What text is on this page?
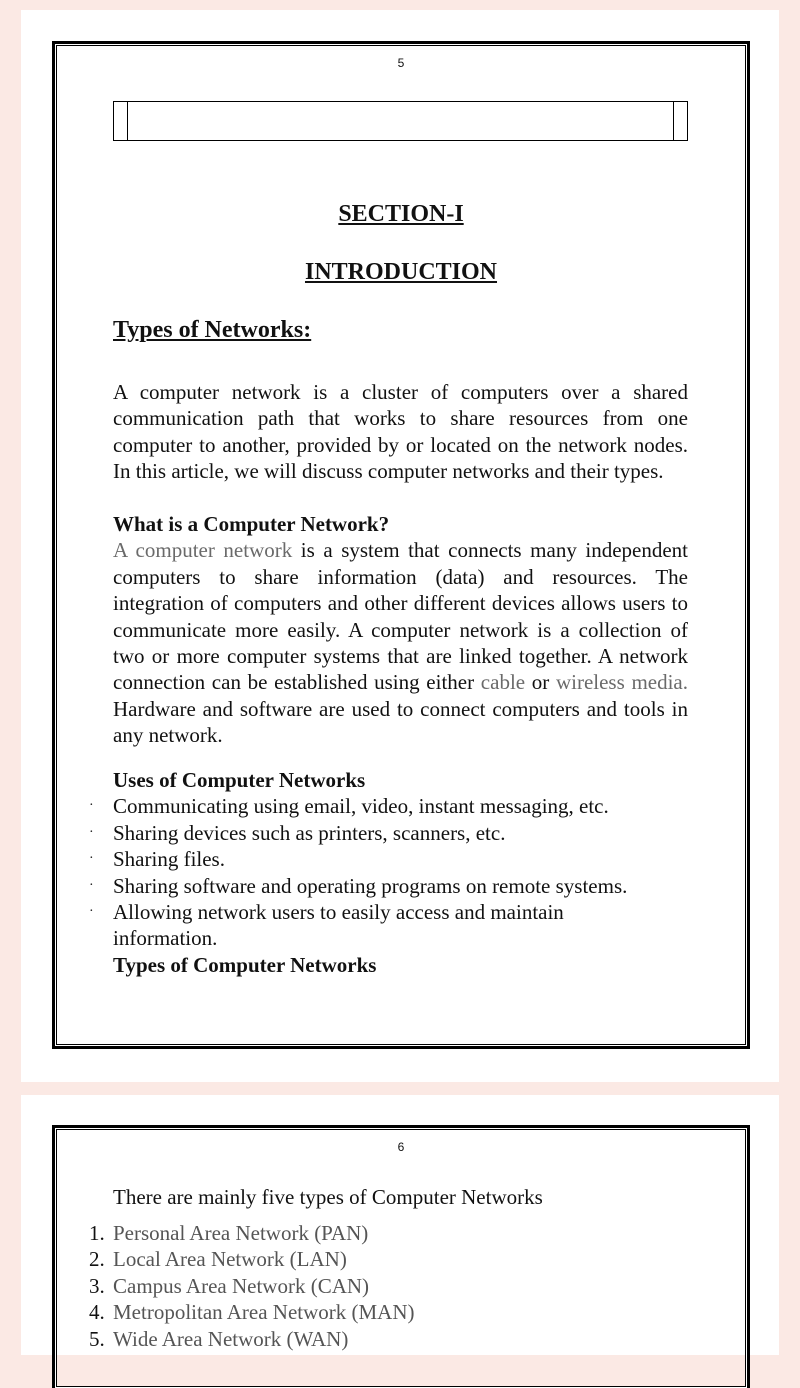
5
SECTION-I
INTRODUCTION
Types of Networks:

A computer network is a cluster of computers over a shared communication path that works to share resources from one computer to another, provided by or located on the network nodes. In this article, we will discuss computer networks and their types.

What is a Computer Network?

A computer network is a system that connects many independent computers to share information (data) and resources. The integration of computers and other different devices allows users to communicate more easily. A computer network is a collection of two or more computer systems that are linked together. A network connection can be established using either cable or wireless media. Hardware and software are used to connect computers and tools in any network.

Uses of Computer Networks

· Communicating using email, video, instant messaging, etc.
· Sharing devices such as printers, scanners, etc.
· Sharing files.
· Sharing software and operating programs on remote systems.
· Allowing network users to easily access and maintain information.

Types of Computer Networks

6

There are mainly five types of Computer Networks

1. Personal Area Network (PAN)
2. Local Area Network (LAN)
3. Campus Area Network (CAN)
4. Metropolitan Area Network (MAN)
5. Wide Area Network (WAN)
